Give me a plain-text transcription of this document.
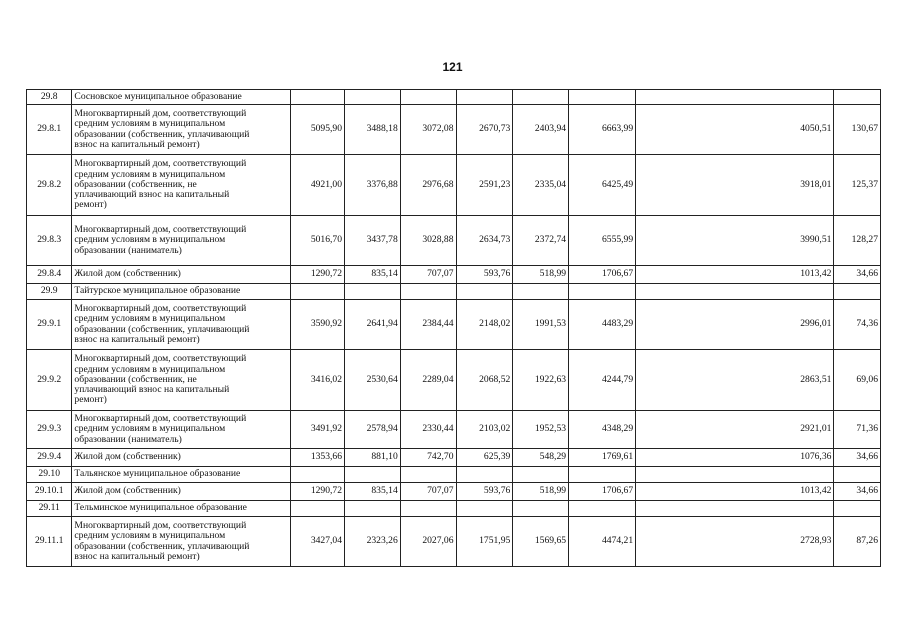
121
29.8	Сосновское муниципальное образование								
29.8.1	Многоквартирный дом, соответствующий
средним условиям в муниципальном
образовании (собственник, уплачивающий
взнос на капитальный ремонт)	5095,90	3488,18	3072,08	2670,73	2403,94	6663,99	4050,51	130,67
29.8.2	Многоквартирный дом, соответствующий
средним условиям в муниципальном
образовании (собственник, не
уплачивающий взнос на капитальный
ремонт)	4921,00	3376,88	2976,68	2591,23	2335,04	6425,49	3918,01	125,37
29.8.3	Многоквартирный дом, соответствующий
средним условиям в муниципальном
образовании (наниматель)	5016,70	3437,78	3028,88	2634,73	2372,74	6555,99	3990,51	128,27
29.8.4	Жилой дом (собственник)	1290,72	835,14	707,07	593,76	518,99	1706,67	1013,42	34,66
29.9	Тайтурское муниципальное образование								
29.9.1	Многоквартирный дом, соответствующий
средним условиям в муниципальном
образовании (собственник, уплачивающий
взнос на капитальный ремонт)	3590,92	2641,94	2384,44	2148,02	1991,53	4483,29	2996,01	74,36
29.9.2	Многоквартирный дом, соответствующий
средним условиям в муниципальном
образовании (собственник, не
уплачивающий взнос на капитальный
ремонт)	3416,02	2530,64	2289,04	2068,52	1922,63	4244,79	2863,51	69,06
29.9.3	Многоквартирный дом, соответствующий
средним условиям в муниципальном
образовании (наниматель)	3491,92	2578,94	2330,44	2103,02	1952,53	4348,29	2921,01	71,36
29.9.4	Жилой дом (собственник)	1353,66	881,10	742,70	625,39	548,29	1769,61	1076,36	34,66
29.10	Тальянское муниципальное образование								
29.10.1	Жилой дом (собственник)	1290,72	835,14	707,07	593,76	518,99	1706,67	1013,42	34,66
29.11	Тельминское муниципальное образование								
29.11.1	Многоквартирный дом, соответствующий
средним условиям в муниципальном
образовании (собственник, уплачивающий
взнос на капитальный ремонт)	3427,04	2323,26	2027,06	1751,95	1569,65	4474,21	2728,93	87,26
